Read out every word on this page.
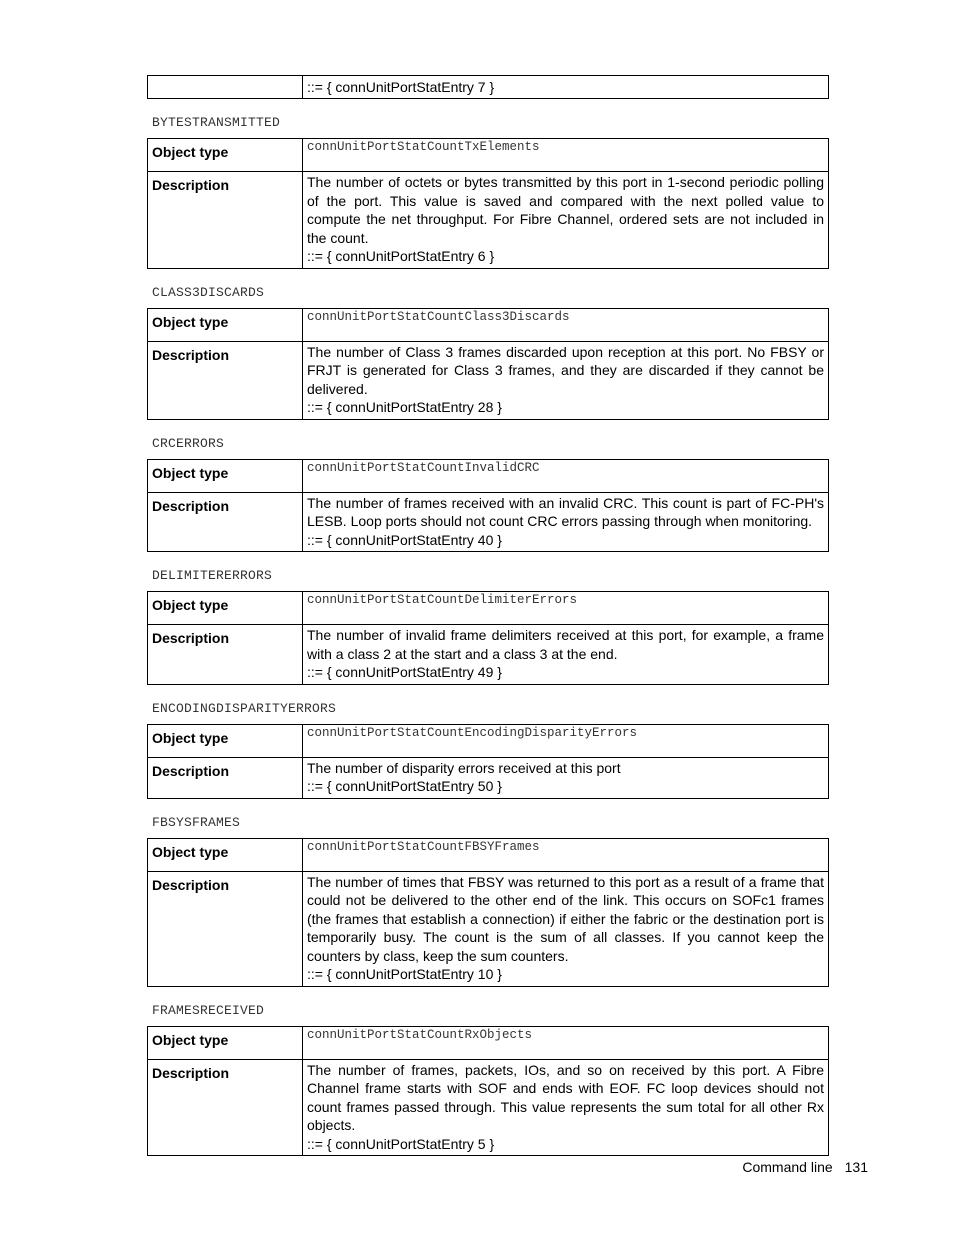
	::= { connUnitPortStatEntry 7 }
BYTESTRANSMITTED
Object type	connUnitPortStatCountTxElements

Description	The number of octets or bytes transmitted by this port in 1-second periodic polling of the port. This value is saved and compared with the next polled value to compute the net throughput. For Fibre Channel, ordered sets are not included in the count.
::= { connUnitPortStatEntry 6 }
CLASS3DISCARDS
Object type	connUnitPortStatCountClass3Discards

Description	The number of Class 3 frames discarded upon reception at this port. No FBSY or FRJT is generated for Class 3 frames, and they are discarded if they cannot be delivered.
::= { connUnitPortStatEntry 28 }
CRCERRORS
Object type	connUnitPortStatCountInvalidCRC

Description	The number of frames received with an invalid CRC. This count is part of FC-PH's LESB. Loop ports should not count CRC errors passing through when monitoring.
::= { connUnitPortStatEntry 40 }
DELIMITERERRORS
Object type	connUnitPortStatCountDelimiterErrors

Description	The number of invalid frame delimiters received at this port, for example, a frame with a class 2 at the start and a class 3 at the end.
::= { connUnitPortStatEntry 49 }
ENCODINGDISPARITYERRORS
Object type	connUnitPortStatCountEncodingDisparityErrors

Description	The number of disparity errors received at this port
::= { connUnitPortStatEntry 50 }
FBSYSFRAMES
Object type	connUnitPortStatCountFBSYFrames

Description	The number of times that FBSY was returned to this port as a result of a frame that could not be delivered to the other end of the link. This occurs on SOFc1 frames (the frames that establish a connection) if either the fabric or the destination port is temporarily busy. The count is the sum of all classes. If you cannot keep the counters by class, keep the sum counters.
::= { connUnitPortStatEntry 10 }
FRAMESRECEIVED
Object type	connUnitPortStatCountRxObjects

Description	The number of frames, packets, IOs, and so on received by this port. A Fibre Channel frame starts with SOF and ends with EOF. FC loop devices should not count frames passed through. This value represents the sum total for all other Rx objects.
::= { connUnitPortStatEntry 5 }
Command line 131
